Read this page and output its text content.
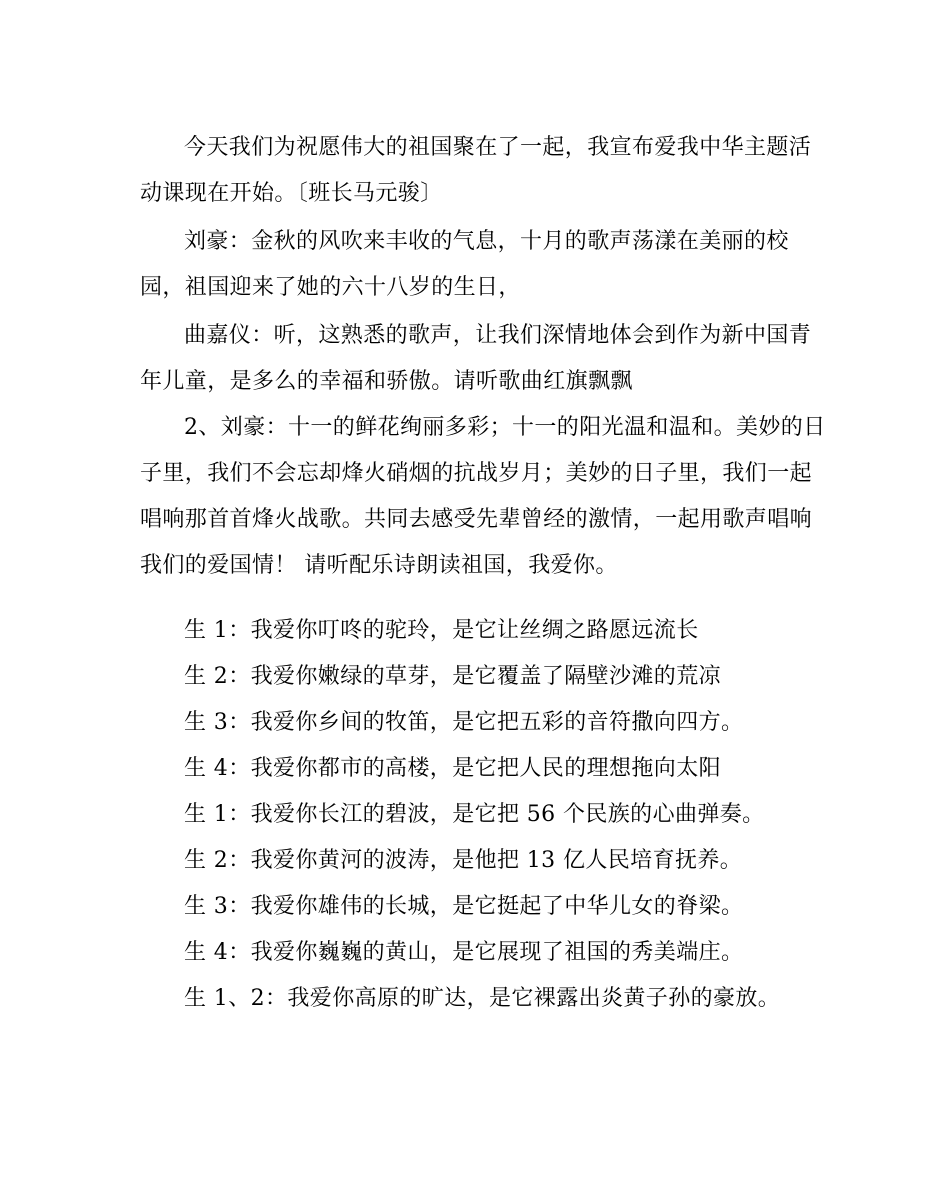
今天我们为祝愿伟大的祖国聚在了一起，我宣布爱我中华主题活
动课现在开始。〔班长马元骏〕
刘豪：金秋的风吹来丰收的气息，十月的歌声荡漾在美丽的校
园，祖国迎来了她的六十八岁的生日，
曲嘉仪：听，这熟悉的歌声，让我们深情地体会到作为新中国青
年儿童，是多么的幸福和骄傲。请听歌曲红旗飘飘
2、刘豪：十一的鲜花绚丽多彩；十一的阳光温和温和。美妙的日
子里，我们不会忘却烽火硝烟的抗战岁月；美妙的日子里，我们一起
唱响那首首烽火战歌。共同去感受先辈曾经的激情，一起用歌声唱响
我们的爱国情！ 请听配乐诗朗读祖国，我爱你。
生 1：我爱你叮咚的驼玲，是它让丝绸之路愿远流长
生 2：我爱你嫩绿的草芽，是它覆盖了隔壁沙滩的荒凉
生 3：我爱你乡间的牧笛，是它把五彩的音符撒向四方。
生 4：我爱你都市的高楼，是它把人民的理想拖向太阳
生 1：我爱你长江的碧波，是它把 56 个民族的心曲弹奏。
生 2：我爱你黄河的波涛，是他把 13 亿人民培育抚养。
生 3：我爱你雄伟的长城，是它挺起了中华儿女的脊梁。
生 4：我爱你巍巍的黄山，是它展现了祖国的秀美端庄。
生 1、2：我爱你高原的旷达，是它裸露出炎黄子孙的豪放。
